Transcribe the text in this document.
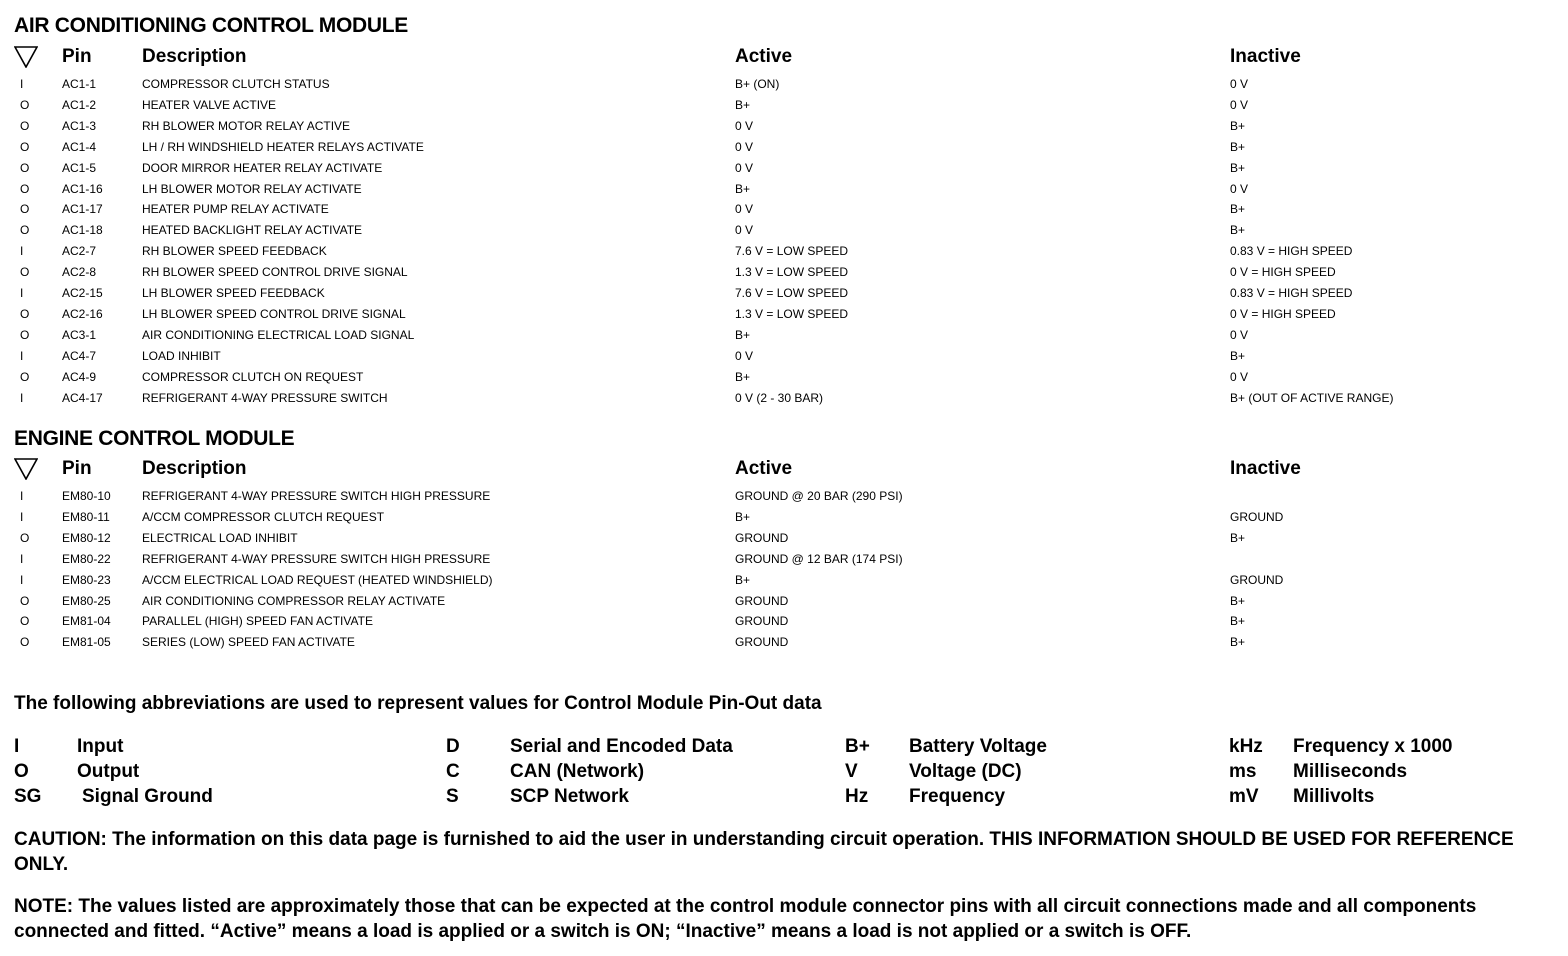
AIR CONDITIONING CONTROL MODULE
Pin	Description	Active	Inactive
I	AC1-1	COMPRESSOR CLUTCH STATUS	B+ (ON)	0 V
O	AC1-2	HEATER VALVE ACTIVE	B+	0 V
O	AC1-3	RH BLOWER MOTOR RELAY ACTIVE	0 V	B+
O	AC1-4	LH / RH WINDSHIELD HEATER RELAYS ACTIVATE	0 V	B+
O	AC1-5	DOOR MIRROR HEATER RELAY ACTIVATE	0 V	B+
O	AC1-16	LH BLOWER MOTOR RELAY ACTIVATE	B+	0 V
O	AC1-17	HEATER PUMP RELAY ACTIVATE	0 V	B+
O	AC1-18	HEATED BACKLIGHT RELAY ACTIVATE	0 V	B+
I	AC2-7	RH BLOWER SPEED FEEDBACK	7.6 V = LOW SPEED	0.83 V = HIGH SPEED
O	AC2-8	RH BLOWER SPEED CONTROL DRIVE SIGNAL	1.3 V = LOW SPEED	0 V = HIGH SPEED
I	AC2-15	LH BLOWER SPEED FEEDBACK	7.6 V = LOW SPEED	0.83 V = HIGH SPEED
O	AC2-16	LH BLOWER SPEED CONTROL DRIVE SIGNAL	1.3 V = LOW SPEED	0 V = HIGH SPEED
O	AC3-1	AIR CONDITIONING ELECTRICAL LOAD SIGNAL	B+	0 V
I	AC4-7	LOAD INHIBIT	0 V	B+
O	AC4-9	COMPRESSOR CLUTCH ON REQUEST	B+	0 V
I	AC4-17	REFRIGERANT 4-WAY PRESSURE SWITCH	0 V (2 - 30 BAR)	B+ (OUT OF ACTIVE RANGE)
ENGINE CONTROL MODULE
Pin	Description	Active	Inactive
I	EM80-10	REFRIGERANT 4-WAY PRESSURE SWITCH HIGH PRESSURE	GROUND @ 20 BAR (290 PSI)
I	EM80-11	A/CCM COMPRESSOR CLUTCH REQUEST	B+	GROUND
O	EM80-12	ELECTRICAL LOAD INHIBIT	GROUND	B+
I	EM80-22	REFRIGERANT 4-WAY PRESSURE SWITCH HIGH PRESSURE	GROUND @ 12 BAR (174 PSI)
I	EM80-23	A/CCM ELECTRICAL LOAD REQUEST (HEATED WINDSHIELD)	B+	GROUND
O	EM80-25	AIR CONDITIONING COMPRESSOR RELAY ACTIVATE	GROUND	B+
O	EM81-04	PARALLEL (HIGH) SPEED FAN ACTIVATE	GROUND	B+
O	EM81-05	SERIES (LOW) SPEED FAN ACTIVATE	GROUND	B+
The following abbreviations are used to represent values for Control Module Pin-Out data
I	Input
O	Output
SG Signal Ground
D	Serial and Encoded Data
C	CAN (Network)
S	SCP Network
B+ Battery Voltage
V	Voltage (DC)
Hz Frequency
kHz Frequency x 1000
ms Milliseconds
mV Millivolts
CAUTION: The information on this data page is furnished to aid the user in understanding circuit operation. THIS INFORMATION SHOULD BE USED FOR REFERENCE ONLY.
NOTE: The values listed are approximately those that can be expected at the control module connector pins with all circuit connections made and all components connected and fitted. “Active” means a load is applied or a switch is ON; “Inactive” means a load is not applied or a switch is OFF.
